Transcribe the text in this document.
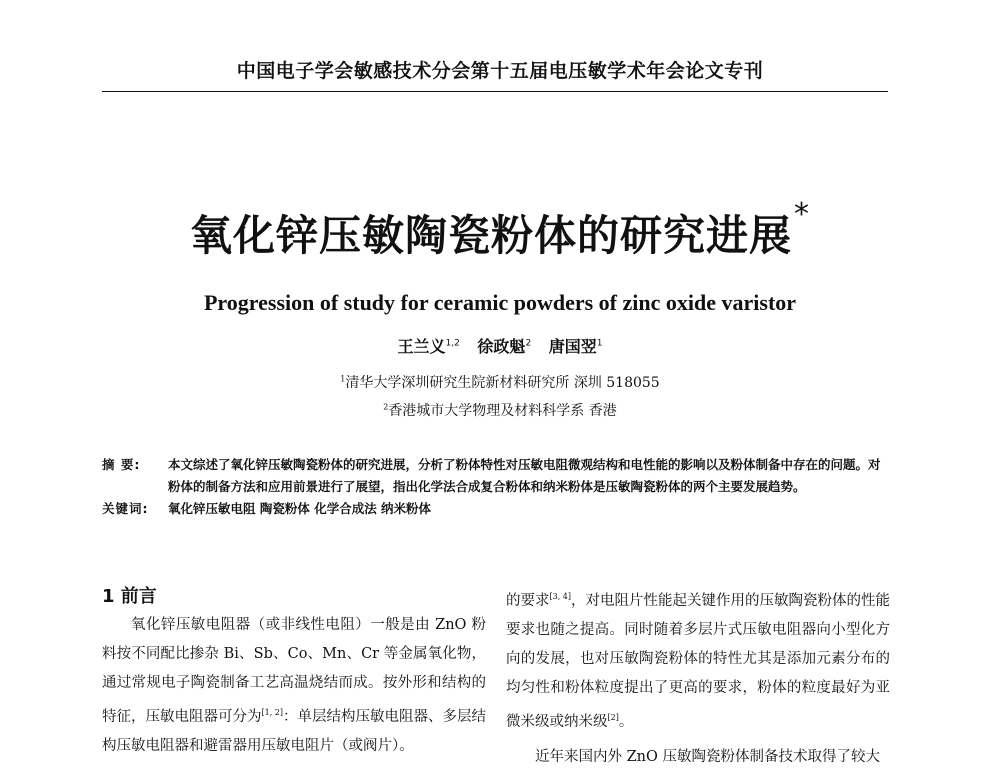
中国电子学会敏感技术分会第十五届电压敏学术年会论文专刊
氧化锌压敏陶瓷粉体的研究进展*
Progression of study for ceramic powders of zinc oxide varistor
王兰义$^{1,2}$ 徐政魁$^2$ 唐国翌$^1$
$^1$清华大学深圳研究生院新材料研究所 深圳 518055
$^2$香港城市大学物理及材料科学系 香港
摘 要:	本文综述了氧化锌压敏陶瓷粉体的研究进展，分析了粉体特性对压敏电阻微观结构和电性能的影响以及粉体制备中存在的问题。对粉体的制备方法和应用前景进行了展望，指出化学法合成复合粉体和纳米粉体是压敏陶瓷粉体的两个主要发展趋势。
关键词:	氧化锌压敏电阻 陶瓷粉体 化学合成法 纳米粉体
1 前言

氧化锌压敏电阻器（或非线性电阻）一般是由 ZnO 粉料按不同配比掺杂 Bi、Sb、Co、Mn、Cr 等金属氧化物，通过常规电子陶瓷制备工艺高温烧结而成。按外形和结构的特征，压敏电阻器可分为[1, 2]：单层结构压敏电阻器、多层结构压敏电阻器和避雷器用压敏电阻片（或阀片）。

的要求[3, 4]，对电阻片性能起关键作用的压敏陶瓷粉体的性能要求也随之提高。同时随着多层片式压敏电阻器向小型化方向的发展，也对压敏陶瓷粉体的特性尤其是添加元素分布的均匀性和粉体粒度提出了更高的要求，粉体的粒度最好为亚微米级或纳米级[2]。

近年来国内外 ZnO 压敏陶瓷粉体制备技术取得了较大
